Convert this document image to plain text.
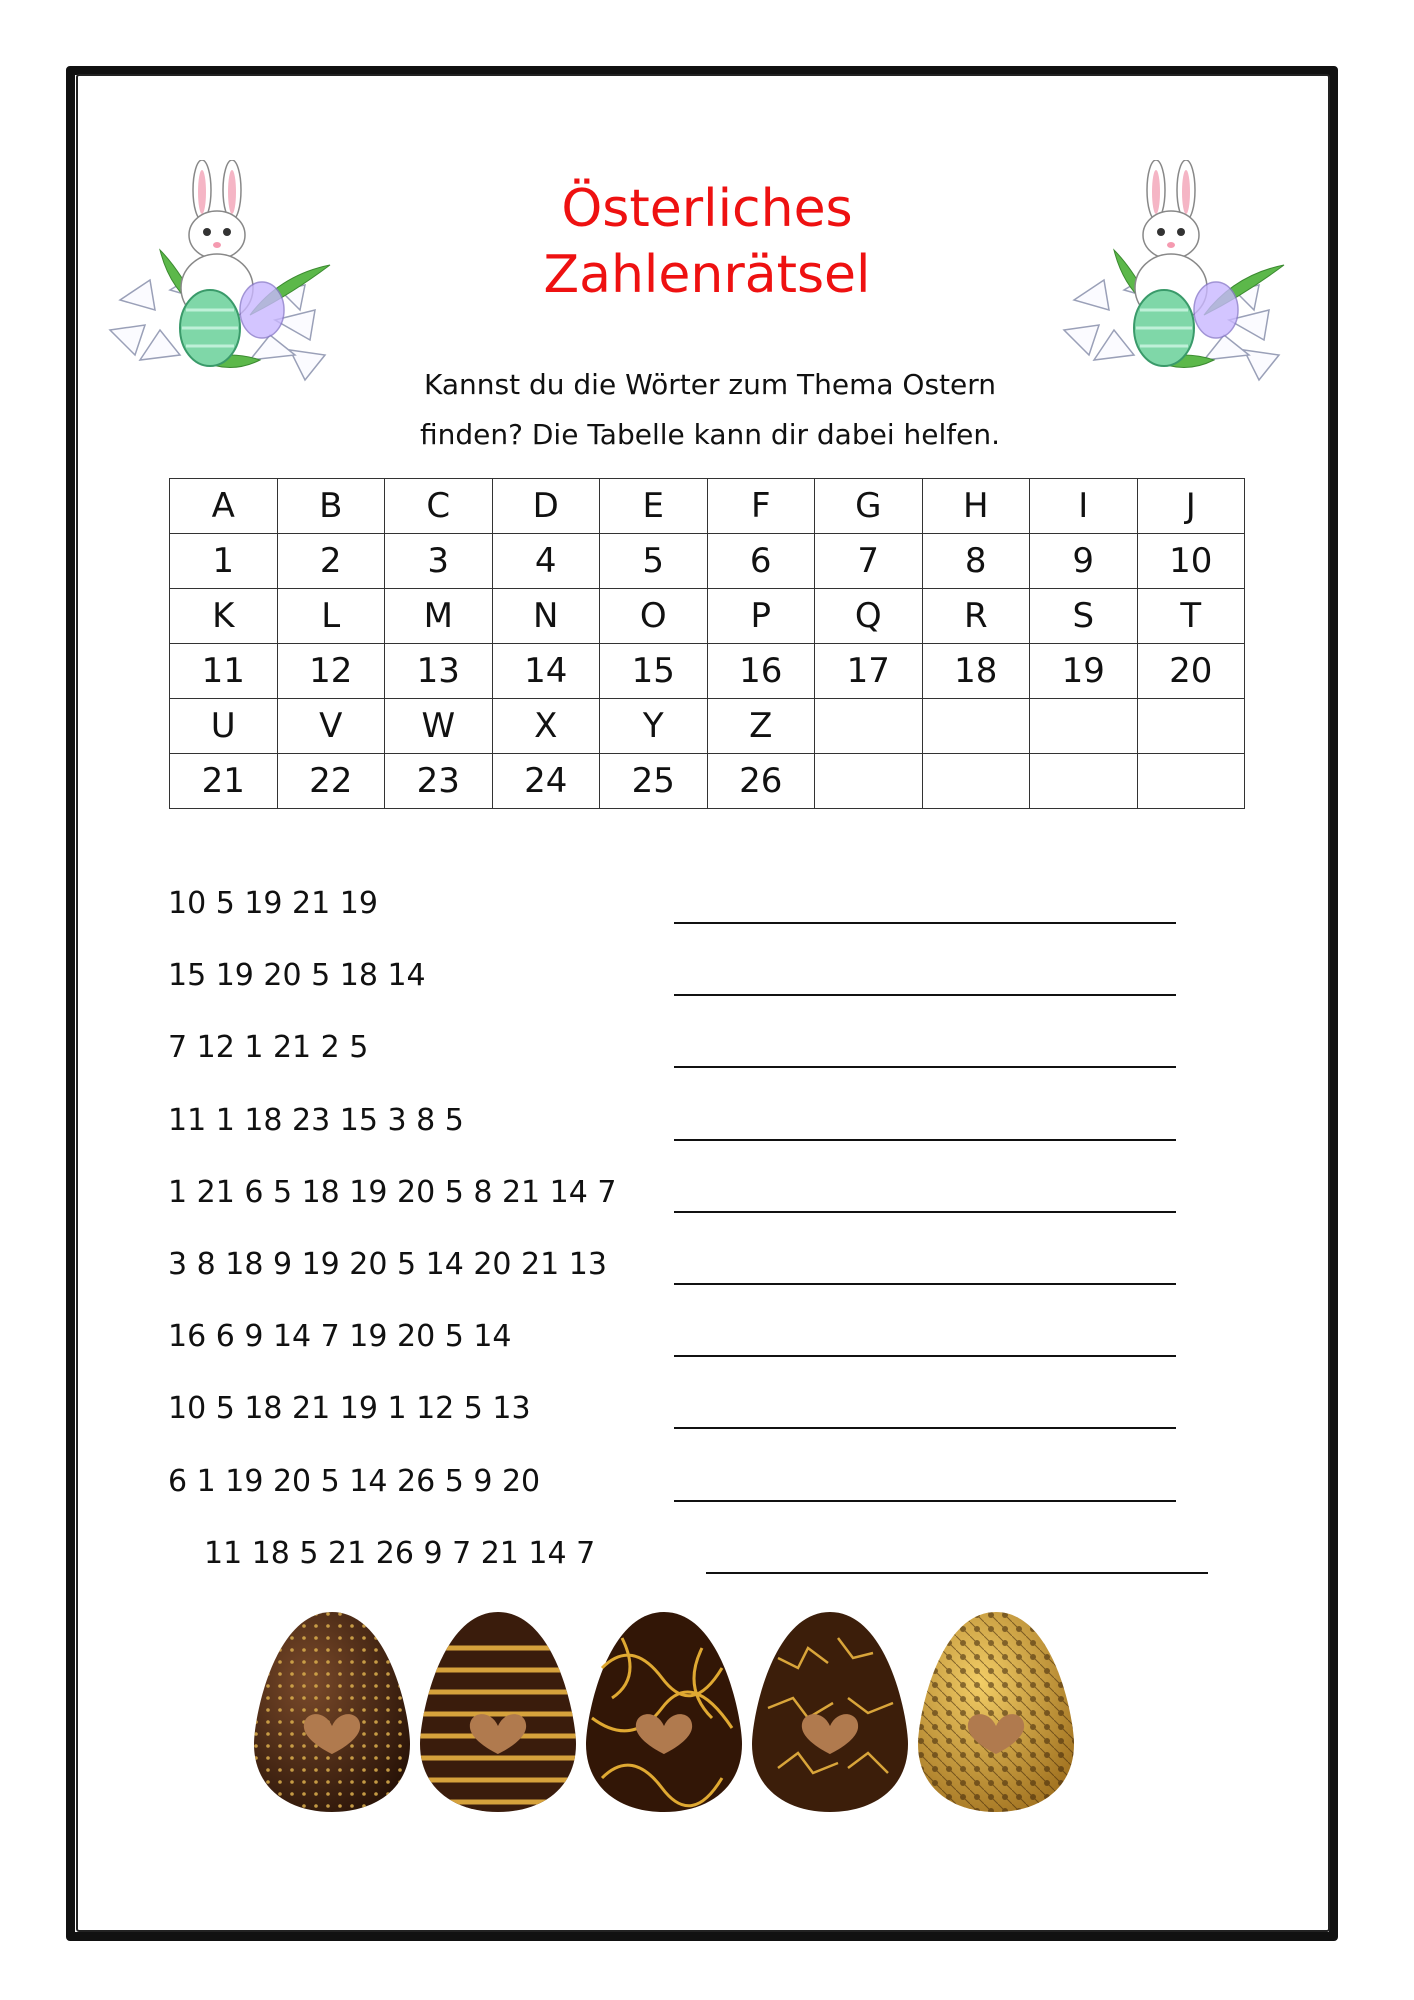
Österliches
Zahlenrätsel

Kannst du die Wörter zum Thema Ostern
finden? Die Tabelle kann dir dabei helfen.

A	B	C	D	E	F	G	H	I	J
1	2	3	4	5	6	7	8	9	10
K	L	M	N	O	P	Q	R	S	T
11	12	13	14	15	16	17	18	19	20
U	V	W	X	Y	Z				
21	22	23	24	25	26				
10 5 19 21 19
15 19 20 5 18 14
7 12 1 21 2 5
11 1 18 23 15 3 8 5
1 21 6 5 18 19 20 5 8 21 14 7
3 8 18 9 19 20 5 14 20 21 13
16 6 9 14 7 19 20 5 14
10 5 18 21 19 1 12 5 13
6 1 19 20 5 14 26 5 9 20
11 18 5 21 26 9 7 21 14 7
